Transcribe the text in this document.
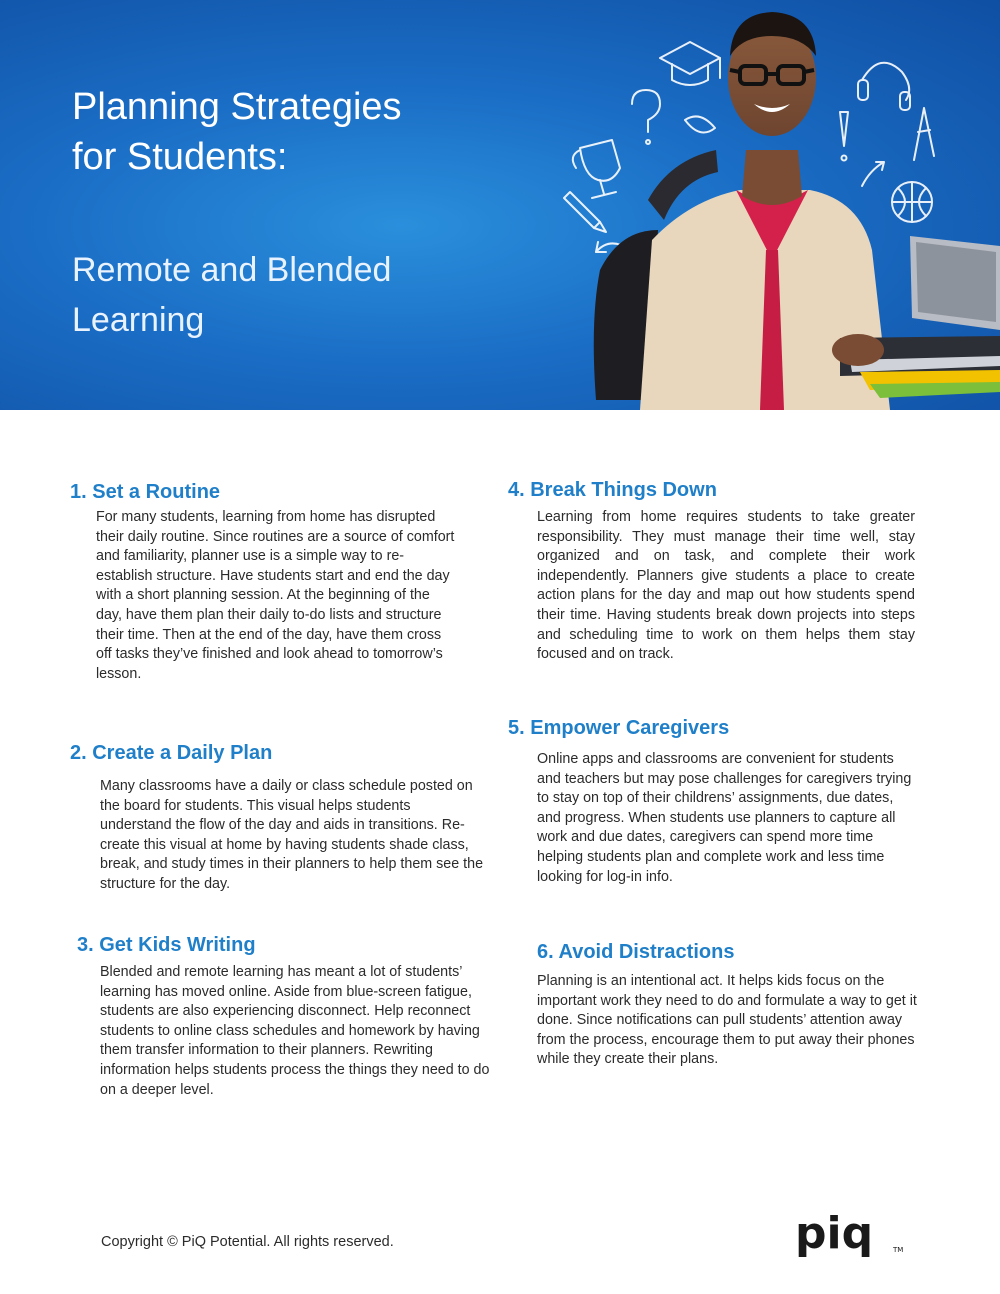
Planning Strategies
for Students:
Remote and Blended
Learning
1. Set a Routine

For many students, learning from home has disrupted their daily routine. Since routines are a source of comfort and familiarity, planner use is a simple way to re-establish structure. Have students start and end the day with a short planning session. At the beginning of the day, have them plan their daily to-do lists and structure their time. Then at the end of the day, have them cross off tasks they’ve finished and look ahead to tomorrow’s lesson.

2. Create a Daily Plan

Many classrooms have a daily or class schedule posted on the board for students. This visual helps students understand the flow of the day and aids in transitions. Re-create this visual at home by having students shade class, break, and study times in their planners to help them see the structure for the day.

3. Get Kids Writing

Blended and remote learning has meant a lot of students’ learning has moved online. Aside from blue-screen fatigue, students are also experiencing disconnect. Help reconnect students to online class schedules and homework by having them transfer information to their planners. Rewriting information helps students process the things they need to do on a deeper level.

4. Break Things Down

Learning from home requires students to take greater responsibility. They must manage their time well, stay organized and on task, and complete their work independently. Planners give students a place to create action plans for the day and map out how students spend their time. Having students break down projects into steps and scheduling time to work on them helps them stay focused and on track.

5. Empower Caregivers

Online apps and classrooms are convenient for students and teachers but may pose challenges for caregivers trying to stay on top of their childrens’ assignments, due dates, and progress. When students use planners to capture all work and due dates, caregivers can spend more time helping students plan and complete work and less time looking for log-in info.

6. Avoid Distractions

Planning is an intentional act. It helps kids focus on the important work they need to do and formulate a way to get it done. Since notifications can pull students’ attention away from the process, encourage them to put away their phones while they create their plans.

Copyright © PiQ Potential. All rights reserved.	piq	TM
